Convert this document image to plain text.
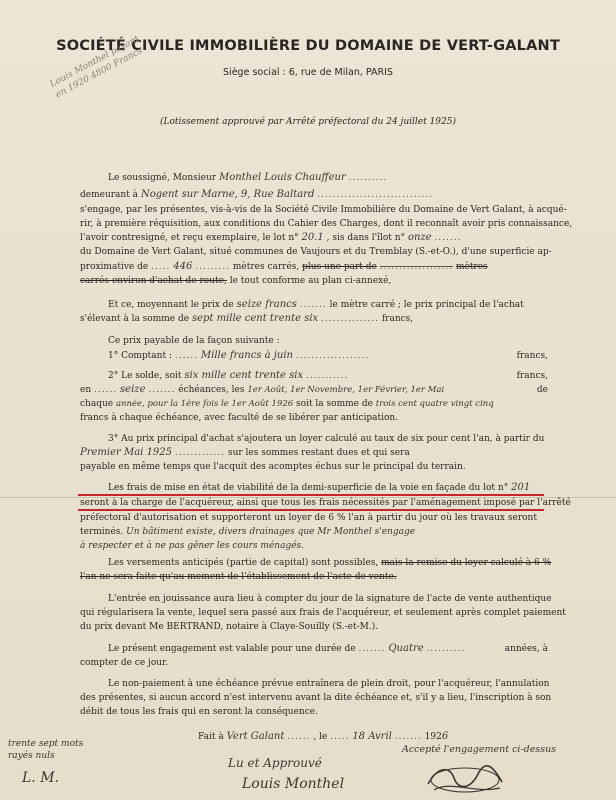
SOCIÉTÉ CIVILE IMMOBILIÈRE DU DOMAINE DE VERT-GALANT
Siège social : 6, rue de Milan, PARIS
(Lotissement approuvé par Arrêté préfectoral du 24 juillet 1925)
Louis Monthel payant en 1920 4800 Francs
Le soussigné, Monsieur Monthel Louis Chauffeur ..........
demeurant à Nogent sur Marne, 9, Rue Baltard ..............................
s'engage, par les présentes, vis-à-vis de la Société Civile Immobilière du Domaine de Vert Galant, à acqué-
rir, à première réquisition, aux conditions du Cahier des Charges, dont il reconnaît avoir pris connaissance,
l'avoir contresigné, et reçu exemplaire, le lot n° 20.1 , sis dans l'îlot n° onze .......
du Domaine de Vert Galant, situé communes de Vaujours et du Tremblay (S.-et-O.), d'une superficie ap-
proximative de ..... 446 ......... mètres carrés, plus une part de ................... mètres
carrés environ d'achat de route, le tout conforme au plan ci-annexé,
Et ce, moyennant le prix de seize francs ....... le mètre carré ; le prix principal de l'achat
s'élevant à la somme de sept mille cent trente six ............... francs,
Ce prix payable de la façon suivante :
1° Comptant : ...... Mille francs à juin ...................	francs,
2° Le solde, soit six mille cent trente six ...........	francs,
en ...... seize ....... échéances, les 1er Août, 1er Novembre, 1er Février, 1er Mai	de
chaque année, pour la 1ère fois le 1er Août 1926 soit la somme de trois cent quatre vingt cinq
francs à chaque échéance, avec faculté de se libérer par anticipation.
3° Au prix principal d'achat s'ajoutera un loyer calculé au taux de six pour cent l'an, à partir du
Premier Mai 1925 ............. sur les sommes restant dues et qui sera
payable en même temps que l'acquit des acomptes échus sur le principal du terrain.
Les frais de mise en état de viabilité de la demi-superficie de la voie en façade du lot n° 201
seront à la charge de l'acquéreur, ainsi que tous les frais nécessités par l'aménagement imposé par l'arrêté
préfectoral d'autorisation et supporteront un loyer de 6 % l'an à partir du jour où les travaux seront
terminés. Un bâtiment existe, divers drainages que Mr Monthel s'engage
à respecter et à ne pas gêner les cours ménagés.
Les versements anticipés (partie de capital) sont possibles, mais la remise du loyer calculé à 6 %
l'an ne sera faite qu'au moment de l'établissement de l'acte de vente.
L'entrée en jouissance aura lieu à compter du jour de la signature de l'acte de vente authentique
qui régularisera la vente, lequel sera passé aux frais de l'acquéreur, et seulement après complet paiement
du prix devant Me BERTRAND, notaire à Claye-Souilly (S.-et-M.).
Le présent engagement est valable pour une durée de ....... Quatre ..........	années, à
compter de ce jour.
Le non-paiement à une échéance prévue entraînera de plein droit, pour l'acquéreur, l'annulation
des présentes, si aucun accord n'est intervenu avant la dite échéance et, s'il y a lieu, l'inscription à son
débit de tous les frais qui en seront la conséquence.
Fait à Vert Galant ...... , le ..... 18 Avril ....... 1926
trente sept mots rayés nuls
L. M.
Lu et Approuvé
Accepté l'engagement ci-dessus
Louis Monthel
